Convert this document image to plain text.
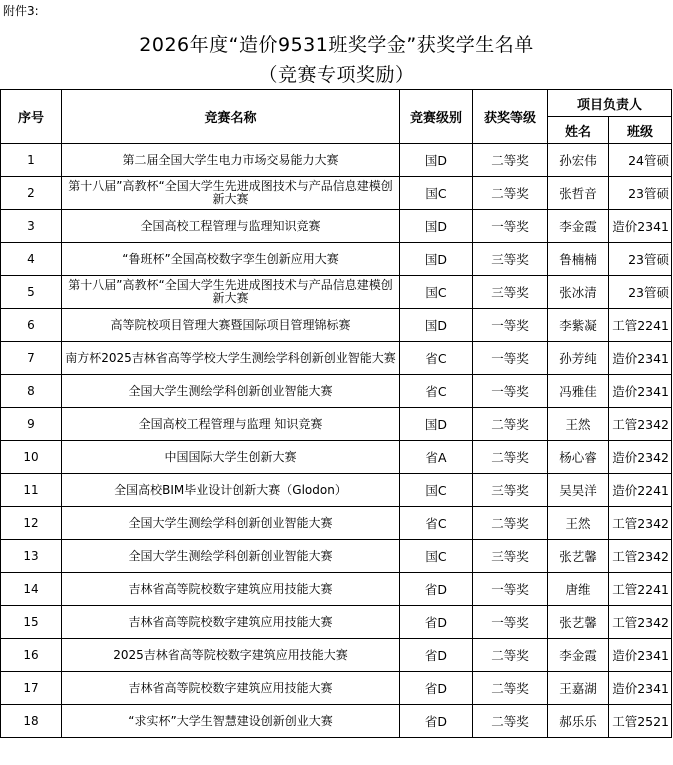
附件3:
2026年度“造价9531班奖学金”获奖学生名单
（竞赛专项奖励）
序号	竞赛名称	竞赛级别	获奖等级	项目负责人	
				姓名	班级
1	第二届全国大学生电力市场交易能力大赛	国D	二等奖	孙宏伟	24管硕
2	第十八届”高教杯“全国大学生先进成图技术与产品信息建模创新大赛	国C	二等奖	张哲音	23管硕
3	全国高校工程管理与监理知识竞赛	国D	一等奖	李金霞	造价2341
4	“鲁班杯”全国高校数字孪生创新应用大赛	国D	三等奖	鲁楠楠	23管硕
5	第十八届”高教杯“全国大学生先进成图技术与产品信息建模创新大赛	国C	三等奖	张冰清	23管硕
6	高等院校项目管理大赛暨国际项目管理锦标赛	国D	一等奖	李紫凝	工管2241
7	南方杯2025吉林省高等学校大学生测绘学科创新创业智能大赛	省C	一等奖	孙芳纯	造价2341
8	全国大学生测绘学科创新创业智能大赛	省C	一等奖	冯雅佳	造价2341
9	全国高校工程管理与监理 知识竞赛	国D	二等奖	王然	工管2342
10	中国国际大学生创新大赛	省A	二等奖	杨心睿	造价2342
11	全国高校BIM毕业设计创新大赛（Glodon）	国C	三等奖	吴昊洋	造价2241
12	全国大学生测绘学科创新创业智能大赛	省C	二等奖	王然	工管2342
13	全国大学生测绘学科创新创业智能大赛	国C	三等奖	张艺馨	工管2342
14	吉林省高等院校数字建筑应用技能大赛	省D	一等奖	唐维	工管2241
15	吉林省高等院校数字建筑应用技能大赛	省D	一等奖	张艺馨	工管2342
16	2025吉林省高等院校数字建筑应用技能大赛	省D	二等奖	李金霞	造价2341
17	吉林省高等院校数字建筑应用技能大赛	省D	二等奖	王嘉湖	造价2341
18	“求实杯”大学生智慧建设创新创业大赛	省D	二等奖	郝乐乐	工管2521
